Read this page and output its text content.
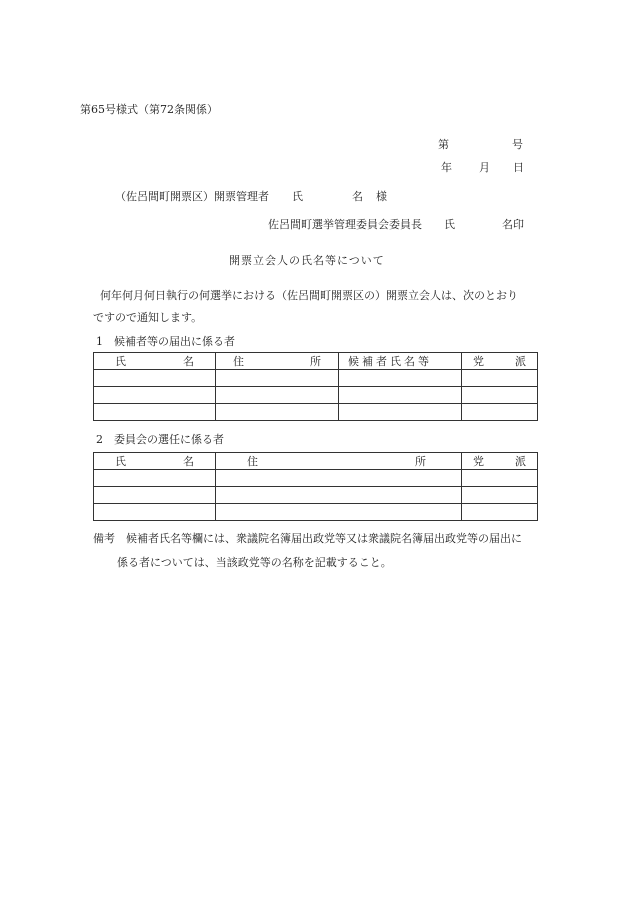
第65号様式（第72条関係）
第	号
年 月 日
（佐呂間町開票区）開票管理者 氏	名 様
佐呂間町選挙管理委員会委員長 氏	名印
開票立会人の氏名等について
何年何月何日執行の何選挙における（佐呂間町開票区の）開票立会人は、次のとおり
ですので通知します。
1　候補者等の届出に係る者
氏 名	住 所	候補者氏名等	党 派

2　委員会の選任に係る者
氏 名	住 所	党 派

備考　候補者氏名等欄には、衆議院名簿届出政党等又は衆議院名簿届出政党等の届出に
係る者については、当該政党等の名称を記載すること。
